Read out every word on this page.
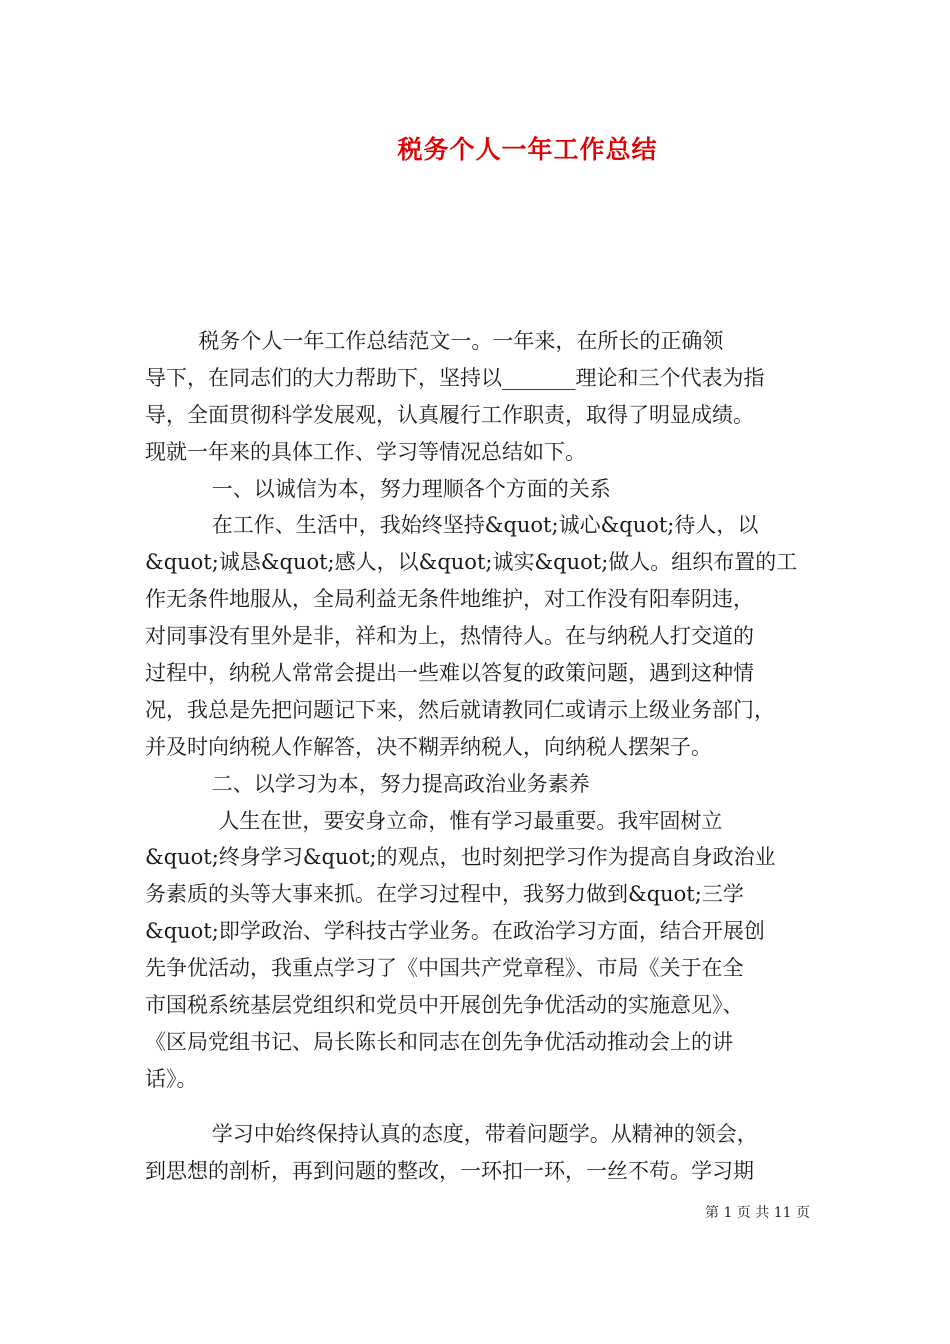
税务个人一年工作总结
税务个人一年工作总结范文一。一年来，在所长的正确领
导下，在同志们的大力帮助下，坚持以_______理论和三个代表为指
导，全面贯彻科学发展观，认真履行工作职责，取得了明显成绩。
现就一年来的具体工作、学习等情况总结如下。
一、以诚信为本，努力理顺各个方面的关系
在工作、生活中，我始终坚持&quot;诚心&quot;待人，以
&quot;诚恳&quot;感人，以&quot;诚实&quot;做人。组织布置的工
作无条件地服从，全局利益无条件地维护，对工作没有阳奉阴违，
对同事没有里外是非，祥和为上，热情待人。在与纳税人打交道的
过程中，纳税人常常会提出一些难以答复的政策问题，遇到这种情
况，我总是先把问题记下来，然后就请教同仁或请示上级业务部门，
并及时向纳税人作解答，决不糊弄纳税人，向纳税人摆架子。
二、以学习为本，努力提高政治业务素养
人生在世，要安身立命，惟有学习最重要。我牢固树立
&quot;终身学习&quot;的观点，也时刻把学习作为提高自身政治业
务素质的头等大事来抓。在学习过程中，我努力做到&quot;三学
&quot;即学政治、学科技古学业务。在政治学习方面，结合开展创
先争优活动，我重点学习了《中国共产党章程》、市局《关于在全
市国税系统基层党组织和党员中开展创先争优活动的实施意见》、
《区局党组书记、局长陈长和同志在创先争优活动推动会上的讲
话》。
学习中始终保持认真的态度，带着问题学。从精神的领会，
到思想的剖析，再到问题的整改，一环扣一环，一丝不苟。学习期
第 1 页 共 11 页
